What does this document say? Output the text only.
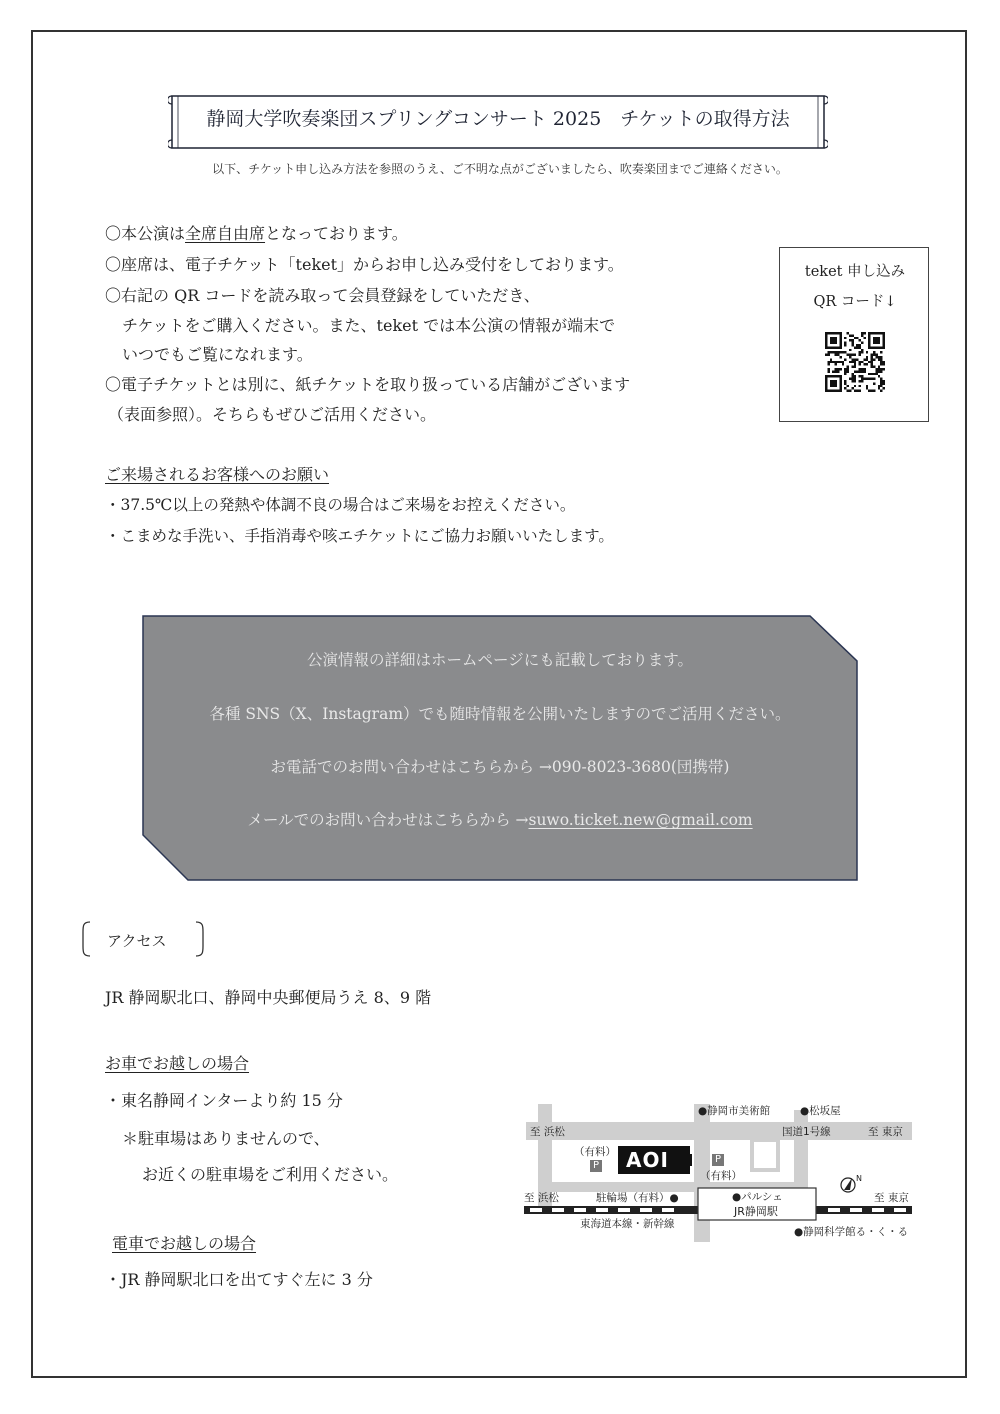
静岡大学吹奏楽団スプリングコンサート 2025　チケットの取得方法
以下、チケット申し込み方法を参照のうえ、ご不明な点がございましたら、吹奏楽団までご連絡ください。
〇本公演は全席自由席となっております。
〇座席は、電子チケット「teket」からお申し込み受付をしております。
〇右記の QR コードを読み取って会員登録をしていただき、
チケットをご購入ください。また、teket では本公演の情報が端末で
いつでもご覧になれます。
〇電子チケットとは別に、紙チケットを取り扱っている店舗がございます
（表面参照）。そちらもぜひご活用ください。
teket 申し込み
QR コード↓
ご来場されるお客様へのお願い
・37.5℃以上の発熱や体調不良の場合はご来場をお控えください。
・こまめな手洗い、手指消毒や咳エチケットにご協力お願いいたします。
公演情報の詳細はホームページにも記載しております。
各種 SNS（X、Instagram）でも随時情報を公開いたしますのでご活用ください。
お電話でのお問い合わせはこちらから →090-8023-3680(団携帯)
メールでのお問い合わせはこちらから →suwo.ticket.new@gmail.com
アクセス
JR 静岡駅北口、静岡中央郵便局うえ 8、9 階
お車でお越しの場合
・東名静岡インターより約 15 分
＊駐車場はありませんので、
お近くの駐車場をご利用ください。
電車でお越しの場合
・JR 静岡駅北口を出てすぐ左に 3 分
●静岡市美術館	●松坂屋
至 浜松	国道1号線	至 東京
（有料）
P AOI	P
（有料）	N
至 浜松	駐輪場（有料）●	●パルシェ
JR静岡駅
至 東京
東海道本線・新幹線
●静岡科学館る・く・る
